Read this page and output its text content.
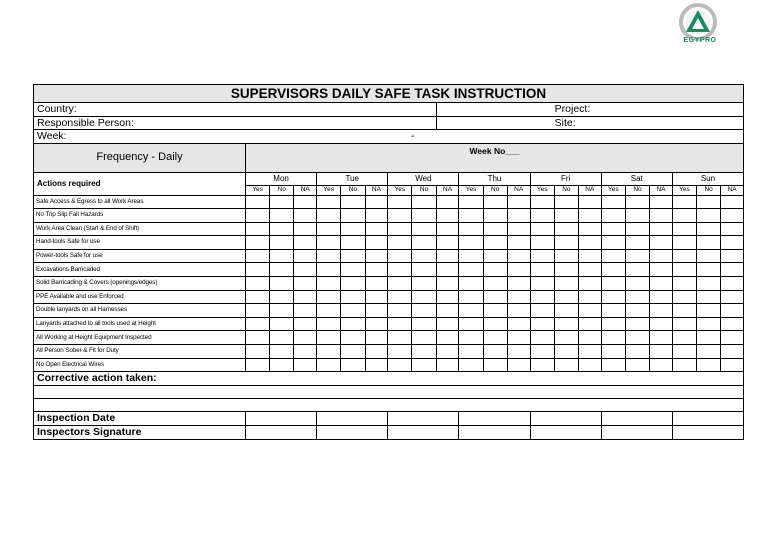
EGYPRO
SUPERVISORS DAILY SAFE TASK INSTRUCTION																					
Country:									Project:												
Responsible Person:									Site:												
Week:					-																
Frequency - Daily	Week No___																				
Actions required	Mon			Tue			Wed			Thu			Fri			Sat			Sun		
	Yes	No	NA	Yes	No	NA	Yes	No	NA	Yes	No	NA	Yes	No	NA	Yes	No	NA	Yes	No	NA
Safe Access & Egress to all Work Areas																					
No Trip Slip Fall Hazards																					
Work Area Clean (Start & End of Shift)																					
Hand-tools Safe for use																					
Power-tools Safe for use																					
Excavations Barricaded																					
Solid Barricading & Covers (openings/edges)																					
PPE Available and use Enforced																					
Double lanyards on all Harnesses																					
Lanyards attached to all tools used at Height																					
All Working at Height Equipment Inspected																					
All Person Sober & Fit for Duty																					
No Open Electrical Wires																					
Corrective action taken:																					

Inspection Date																					
Inspectors Signature																					
